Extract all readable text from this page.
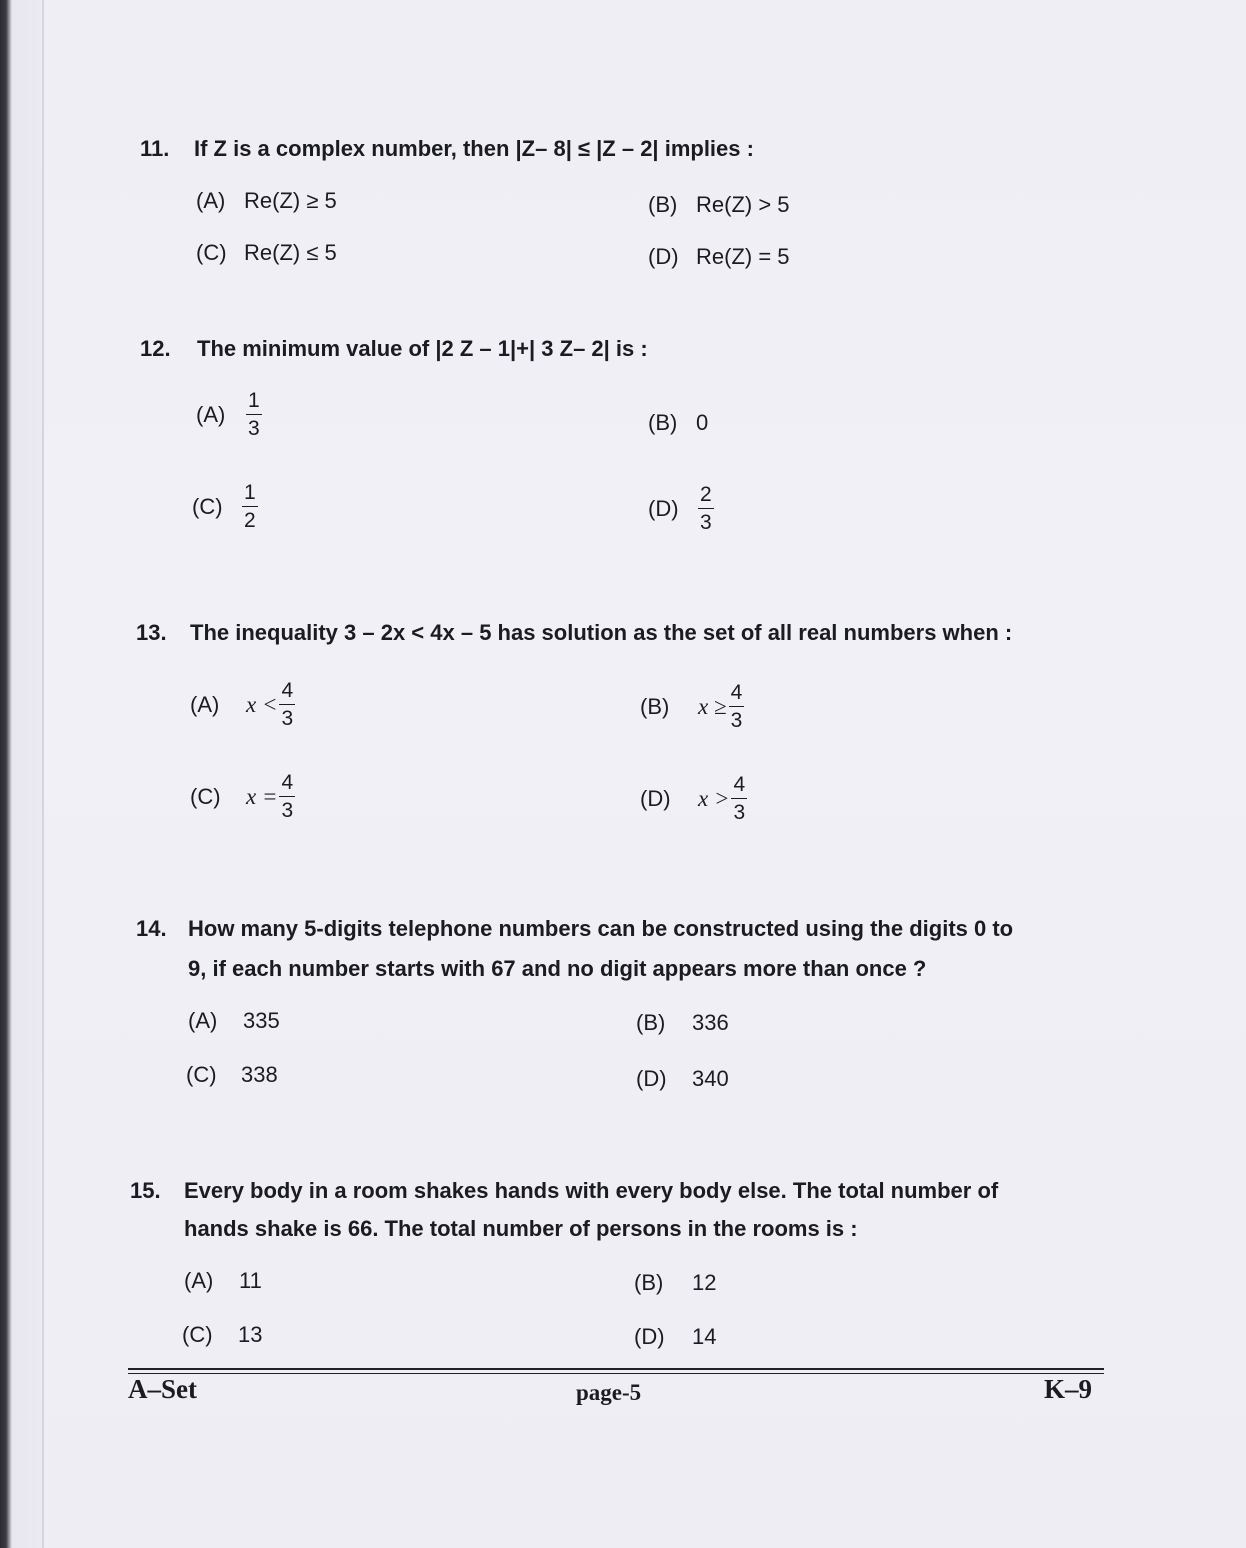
11. If Z is a complex number, then |Z– 8| ≤ |Z – 2| implies :
(A) Re(Z) ≥ 5	(B) Re(Z) > 5
(C) Re(Z) ≤ 5	(D) Re(Z) = 5
12. The minimum value of |2 Z – 1|+| 3 Z– 2| is :
$(A) \frac{1}{3}$	(B) 0
$(C) \frac{1}{2}$	$(D) \frac{2}{3}$
13. The inequality 3 – 2x < 4x – 5 has solution as the set of all real numbers when :
(A)	$x < \frac{4}{3}$	(B)	$x \ge \frac{4}{3}$
(C)	$x = \frac{4}{3}$	(D)	$x > \frac{4}{3}$
14. How many 5-digits telephone numbers can be constructed using the digits 0 to
9, if each number starts with 67 and no digit appears more than once ?
(A)	335	(B)	336
(C)	338	(D)	340
15. Every body in a room shakes hands with every body else. The total number of
hands shake is 66. The total number of persons in the rooms is :
(A)	11	(B)	12
(C)	13	(D)	14
A–Set	page-5	K–9
